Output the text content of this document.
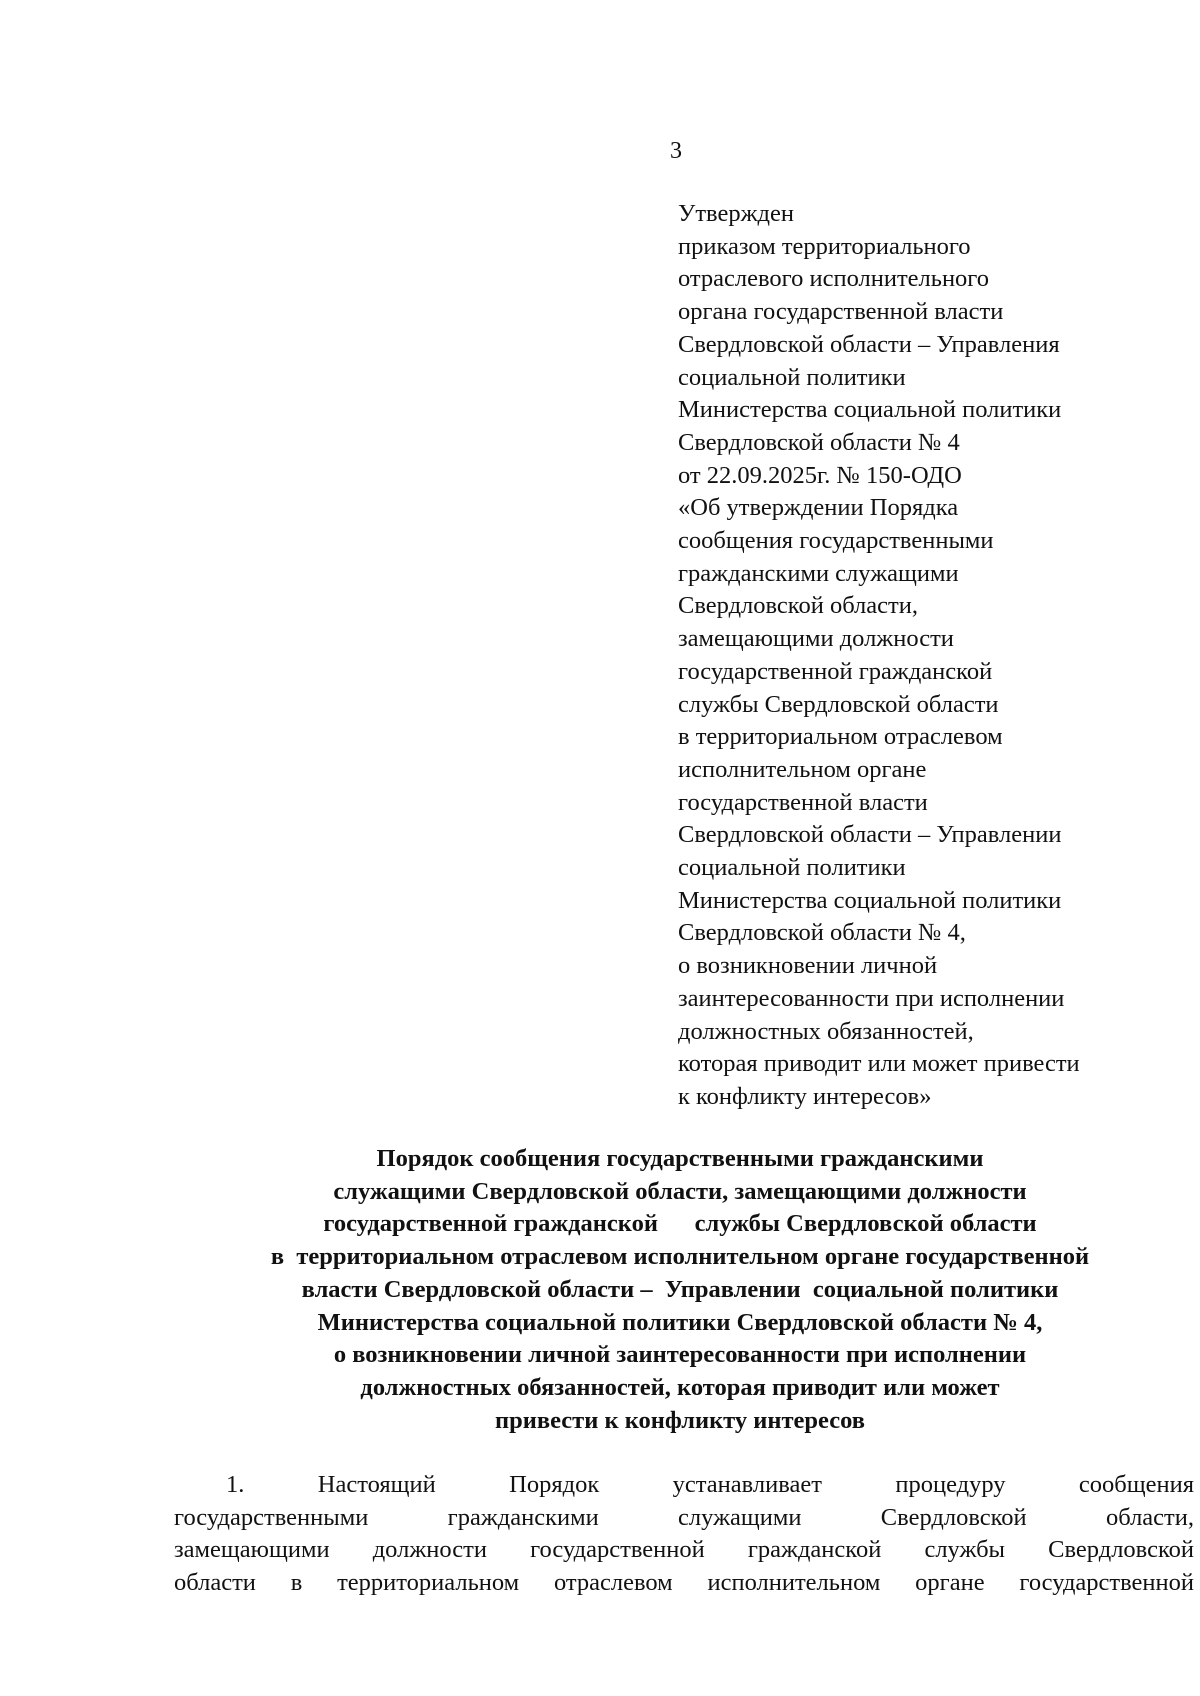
3
Утвержден
приказом территориального
отраслевого исполнительного
органа государственной власти
Свердловской области – Управления
социальной политики
Министерства социальной политики
Свердловской области № 4
от 22.09.2025г. № 150-ОДО
«Об утверждении Порядка
сообщения государственными
гражданскими служащими
Свердловской области,
замещающими должности
государственной гражданской
службы Свердловской области
в территориальном отраслевом
исполнительном органе
государственной власти
Свердловской области – Управлении
социальной политики
Министерства социальной политики
Свердловской области № 4,
о возникновении личной
заинтересованности при исполнении
должностных обязанностей,
которая приводит или может привести
к конфликту интересов»
Порядок сообщения государственными гражданскими
служащими Свердловской области, замещающими должности
государственной гражданской      службы Свердловской области
в  территориальном отраслевом исполнительном органе государственной
власти Свердловской области –  Управлении  социальной политики
Министерства социальной политики Свердловской области № 4,
о возникновении личной заинтересованности при исполнении
должностных обязанностей, которая приводит или может
привести к конфликту интересов
1. Настоящий Порядок устанавливает процедуру сообщения
государственными гражданскими служащими Свердловской области,
замещающими должности государственной гражданской службы Свердловской
области в территориальном отраслевом исполнительном органе государственной
